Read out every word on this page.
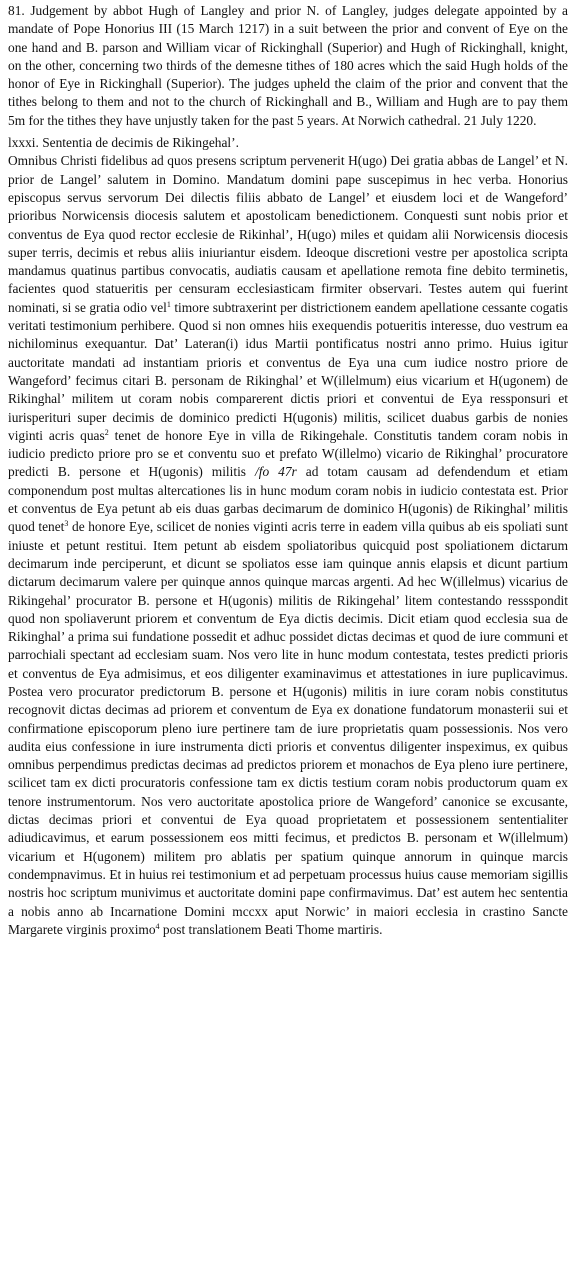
81. Judgement by abbot Hugh of Langley and prior N. of Langley, judges delegate appointed by a mandate of Pope Honorius III (15 March 1217) in a suit between the prior and convent of Eye on the one hand and B. parson and William vicar of Rickinghall (Superior) and Hugh of Rickinghall, knight, on the other, concerning two thirds of the demesne tithes of 180 acres which the said Hugh holds of the honor of Eye in Rickinghall (Superior). The judges upheld the claim of the prior and convent that the tithes belong to them and not to the church of Rickinghall and B., William and Hugh are to pay them 5m for the tithes they have unjustly taken for the past 5 years. At Norwich cathedral. 21 July 1220.

lxxxi. Sententia de decimis de Rikingehal’.

Omnibus Christi fidelibus ad quos presens scriptum pervenerit H(ugo) Dei gratia abbas de Langel’ et N. prior de Langel’ salutem in Domino. Mandatum domini pape suscepimus in hec verba. Honorius episcopus servus servorum Dei dilectis filiis abbato de Langel’ et eiusdem loci et de Wangeford’ prioribus Norwicensis diocesis salutem et apostolicam benedictionem. Conquesti sunt nobis prior et conventus de Eya quod rector ecclesie de Rikinhal’, H(ugo) miles et quidam alii Norwicensis diocesis super terris, decimis et rebus aliis iniuriantur eisdem. Ideoque discretioni vestre per apostolica scripta mandamus quatinus partibus convocatis, audiatis causam et apellatione remota fine debito terminetis, facientes quod statueritis per censuram ecclesiasticam firmiter observari. Testes autem qui fuerint nominati, si se gratia odio vel$^1$ timore subtraxerint per districtionem eandem apellatione cessante cogatis veritati testimonium perhibere. Quod si non omnes hiis exequendis potueritis interesse, duo vestrum ea nichilominus exequantur. Dat’ Lateran(i) idus Martii pontificatus nostri anno primo. Huius igitur auctoritate mandati ad instantiam prioris et conventus de Eya una cum iudice nostro priore de Wangeford’ fecimus citari B. personam de Rikinghal’ et W(illelmum) eius vicarium et H(ugonem) de Rikinghal’ militem ut coram nobis comparerent dictis priori et conventui de Eya ressponsuri et iurisperituri super decimis de dominico predicti H(ugonis) militis, scilicet duabus garbis de nonies viginti acris quas$^2$ tenet de honore Eye in villa de Rikingehale. Constitutis tandem coram nobis in iudicio predicto priore pro se et conventu suo et prefato W(illelmo) vicario de Rikinghal’ procuratore predicti B. persone et H(ugonis) militis /fo 47r ad totam causam ad defendendum et etiam componendum post multas altercationes lis in hunc modum coram nobis in iudicio contestata est. Prior et conventus de Eya petunt ab eis duas garbas decimarum de dominico H(ugonis) de Rikinghal’ militis quod tenet$^3$ de honore Eye, scilicet de nonies viginti acris terre in eadem villa quibus ab eis spoliati sunt iniuste et petunt restitui. Item petunt ab eisdem spoliatoribus quicquid post spoliationem dictarum decimarum inde perciperunt, et dicunt se spoliatos esse iam quinque annis elapsis et dicunt partium dictarum decimarum valere per quinque annos quinque marcas argenti. Ad hec W(illelmus) vicarius de Rikingehal’ procurator B. persone et H(ugonis) militis de Rikingehal’ litem contestando ressspondit quod non spoliaverunt priorem et conventum de Eya dictis decimis. Dicit etiam quod ecclesia sua de Rikinghal’ a prima sui fundatione possedit et adhuc possidet dictas decimas et quod de iure communi et parrochiali spectant ad ecclesiam suam. Nos vero lite in hunc modum contestata, testes predicti prioris et conventus de Eya admisimus, et eos diligenter examinavimus et attestationes in iure puplicavimus. Postea vero procurator predictorum B. persone et H(ugonis) militis in iure coram nobis constitutus recognovit dictas decimas ad priorem et conventum de Eya ex donatione fundatorum monasterii sui et confirmatione episcoporum pleno iure pertinere tam de iure proprietatis quam possessionis. Nos vero audita eius confessione in iure instrumenta dicti prioris et conventus diligenter inspeximus, ex quibus omnibus perpendimus predictas decimas ad predictos priorem et monachos de Eya pleno iure pertinere, scilicet tam ex dicti procuratoris confessione tam ex dictis testium coram nobis productorum quam ex tenore instrumentorum. Nos vero auctoritate apostolica priore de Wangeford’ canonice se excusante, dictas decimas priori et conventui de Eya quoad proprietatem et possessionem sententialiter adiudicavimus, et earum possessionem eos mitti fecimus, et predictos B. personam et W(illelmum) vicarium et H(ugonem) militem pro ablatis per spatium quinque annorum in quinque marcis condempnavimus. Et in huius rei testimonium et ad perpetuam processus huius cause memoriam sigillis nostris hoc scriptum munivimus et auctoritate domini pape confirmavimus. Dat’ est autem hec sententia a nobis anno ab Incarnatione Domini mccxx aput Norwic’ in maiori ecclesia in crastino Sancte Margarete virginis proximo$^4$ post translationem Beati Thome martiris.
